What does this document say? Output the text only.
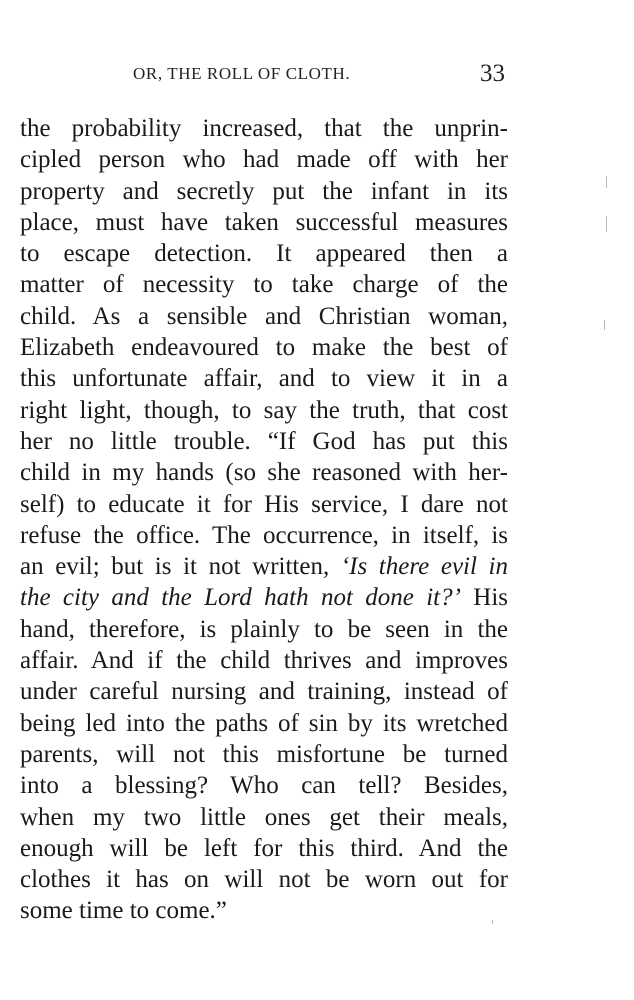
OR, THE ROLL OF CLOTH.	33
the probability increased, that the unprin-
cipled person who had made off with her
property and secretly put the infant in its
place, must have taken successful measures
to escape detection. It appeared then a
matter of necessity to take charge of the
child. As a sensible and Christian woman,
Elizabeth endeavoured to make the best of
this unfortunate affair, and to view it in a
right light, though, to say the truth, that cost
her no little trouble. “If God has put this
child in my hands (so she reasoned with her-
self) to educate it for His service, I dare not
refuse the office. The occurrence, in itself, is
an evil; but is it not written, ‘Is there evil in
the city and the Lord hath not done it?’ His
hand, therefore, is plainly to be seen in the
affair. And if the child thrives and improves
under careful nursing and training, instead of
being led into the paths of sin by its wretched
parents, will not this misfortune be turned
into a blessing? Who can tell? Besides,
when my two little ones get their meals,
enough will be left for this third. And the
clothes it has on will not be worn out for
some time to come.”
